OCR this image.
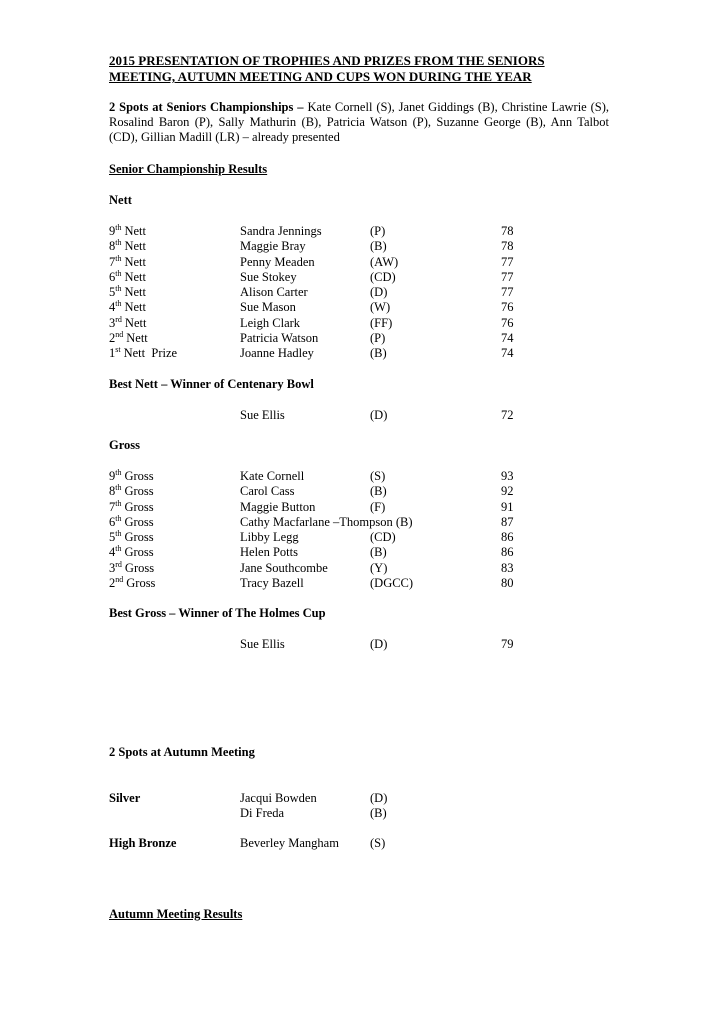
2015 PRESENTATION OF TROPHIES AND PRIZES FROM THE SENIORS MEETING, AUTUMN MEETING AND CUPS WON DURING THE YEAR

2 Spots at Seniors Championships – Kate Cornell (S), Janet Giddings (B), Christine Lawrie (S), Rosalind Baron (P), Sally Mathurin (B), Patricia Watson (P), Suzanne George (B), Ann Talbot (CD), Gillian Madill (LR) – already presented
Senior Championship Results
Nett
9th Nett	Sandra Jennings	(P)	78
8th Nett	Maggie Bray	(B)	78
7th Nett	Penny Meaden	(AW)	77
6th Nett	Sue Stokey	(CD)	77
5th Nett	Alison Carter	(D)	77
4th Nett	Sue Mason	(W)	76
3rd Nett	Leigh Clark	(FF)	76
2nd Nett	Patricia Watson	(P)	74
1st Nett  Prize	Joanne Hadley	(B)	74
Best Nett – Winner of Centenary Bowl
Sue Ellis	(D)	72
Gross
9th Gross	Kate Cornell	(S)	93
8th Gross	Carol Cass	(B)	92
7th Gross	Maggie Button	(F)	91
6th Gross	Cathy Macfarlane –Thompson (B)	87
5th Gross	Libby Legg	(CD)	86
4th Gross	Helen Potts	(B)	86
3rd Gross	Jane Southcombe	(Y)	83
2nd Gross	Tracy Bazell	(DGCC)	80
Best Gross – Winner of The Holmes Cup
Sue Ellis	(D)	79
2 Spots at Autumn Meeting
Silver	Jacqui Bowden	(D)
Di Freda	(B)
High Bronze	Beverley Mangham (S)
Autumn Meeting Results
